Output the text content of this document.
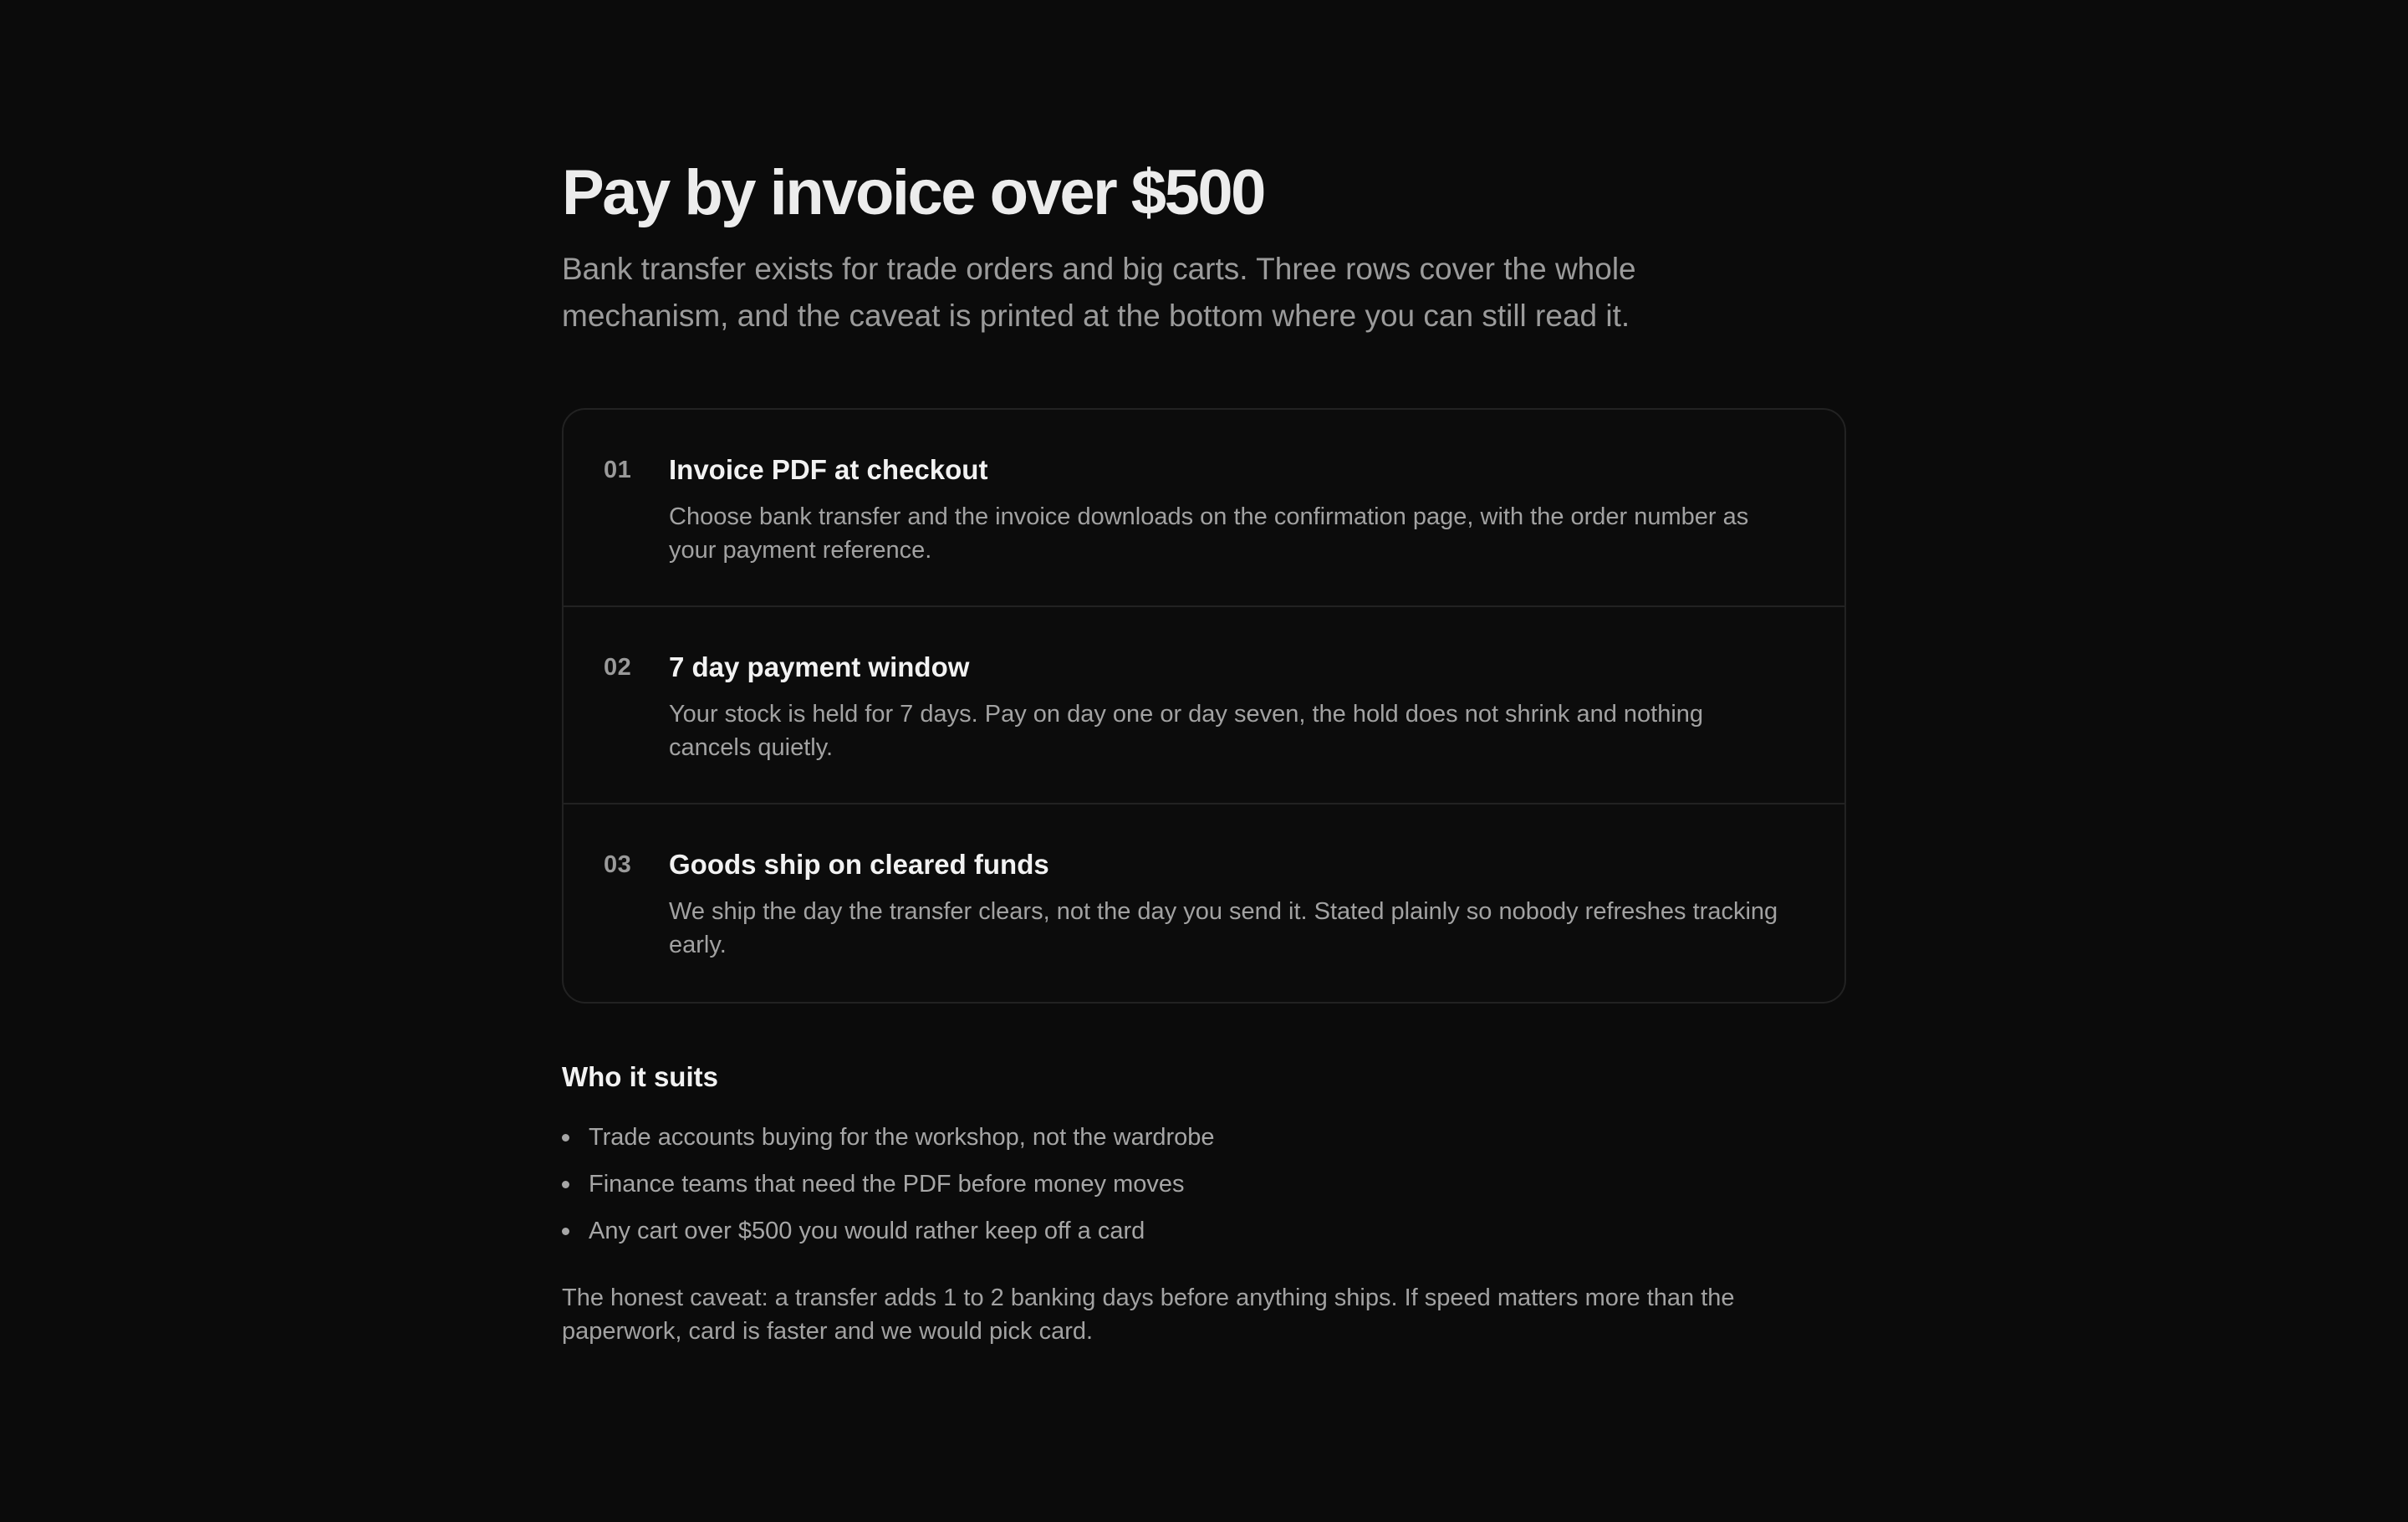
Pay by invoice over $500

Bank transfer exists for trade orders and big carts. Three rows cover the whole mechanism, and the caveat is printed at the bottom where you can still read it.

01 Invoice PDF at checkout

Choose bank transfer and the invoice downloads on the confirmation page, with the order number as your payment reference.

02 7 day payment window

Your stock is held for 7 days. Pay on day one or day seven, the hold does not shrink and nothing cancels quietly.

03 Goods ship on cleared funds

We ship the day the transfer clears, not the day you send it. Stated plainly so nobody refreshes tracking early.

Who it suits
Trade accounts buying for the workshop, not the wardrobe
Finance teams that need the PDF before money moves
Any cart over $500 you would rather keep off a card

The honest caveat: a transfer adds 1 to 2 banking days before anything ships. If speed matters more than the paperwork, card is faster and we would pick card.
